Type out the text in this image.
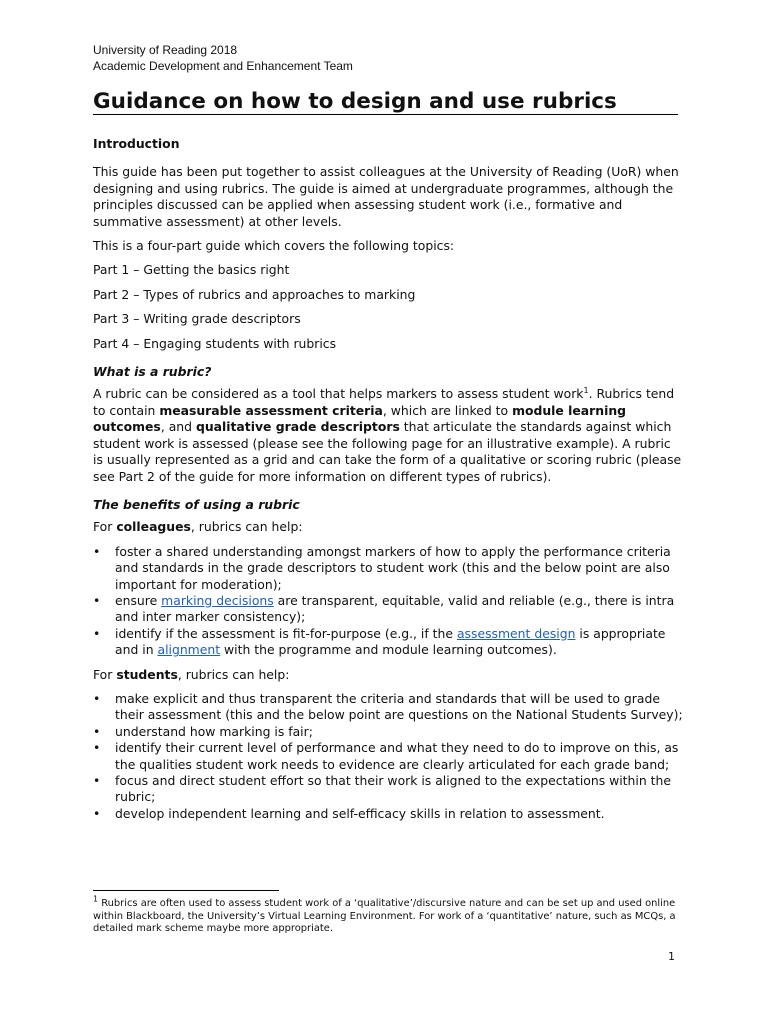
University of Reading 2018
Academic Development and Enhancement Team
Guidance on how to design and use rubrics

Introduction

This guide has been put together to assist colleagues at the University of Reading (UoR) when designing and using rubrics. The guide is aimed at undergraduate programmes, although the principles discussed can be applied when assessing student work (i.e., formative and summative assessment) at other levels.

This is a four-part guide which covers the following topics:

Part 1 – Getting the basics right

Part 2 – Types of rubrics and approaches to marking

Part 3 – Writing grade descriptors

Part 4 – Engaging students with rubrics

What is a rubric?

A rubric can be considered as a tool that helps markers to assess student work$^1$. Rubrics tend to contain measurable assessment criteria, which are linked to module learning outcomes, and qualitative grade descriptors that articulate the standards against which student work is assessed (please see the following page for an illustrative example). A rubric is usually represented as a grid and can take the form of a qualitative or scoring rubric (please see Part 2 of the guide for more information on different types of rubrics).

The benefits of using a rubric

For colleagues, rubrics can help:

• foster a shared understanding amongst markers of how to apply the performance criteria and standards in the grade descriptors to student work (this and the below point are also important for moderation);
• ensure marking decisions are transparent, equitable, valid and reliable (e.g., there is intra and inter marker consistency);
• identify if the assessment is fit-for-purpose (e.g., if the assessment design is appropriate and in alignment with the programme and module learning outcomes).

For students, rubrics can help:

• make explicit and thus transparent the criteria and standards that will be used to grade their assessment (this and the below point are questions on the National Students Survey);
• understand how marking is fair;
• identify their current level of performance and what they need to do to improve on this, as the qualities student work needs to evidence are clearly articulated for each grade band;
• focus and direct student effort so that their work is aligned to the expectations within the rubric;
• develop independent learning and self-efficacy skills in relation to assessment.
$^1$ Rubrics are often used to assess student work of a ‘qualitative’/discursive nature and can be set up and used online within Blackboard, the University’s Virtual Learning Environment. For work of a ‘quantitative’ nature, such as MCQs, a detailed mark scheme maybe more appropriate.
1
